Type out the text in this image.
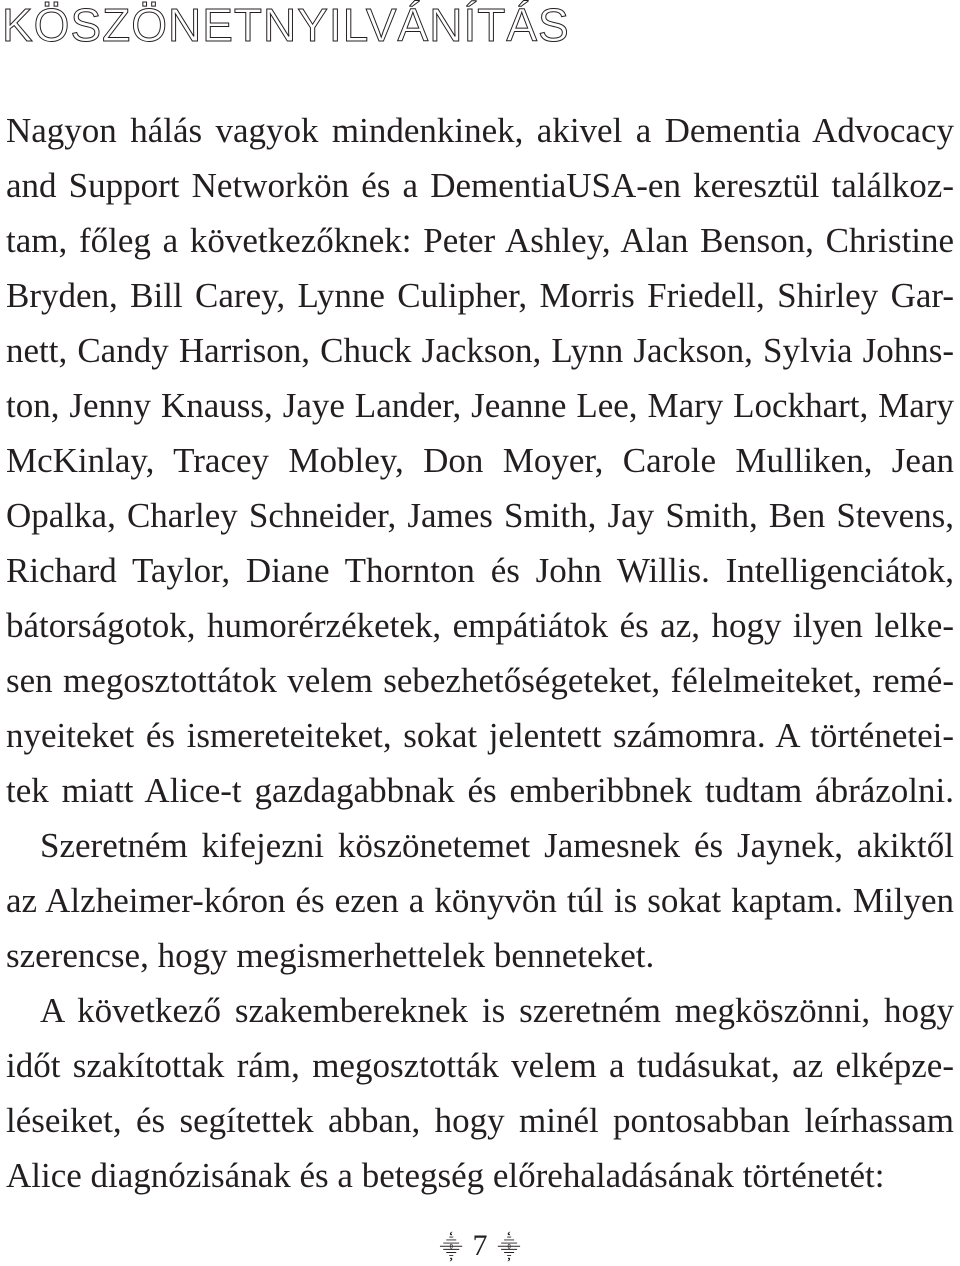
KÖSZÖNETNYILVÁNÍTÁS
Nagyon hálás vagyok mindenkinek, akivel a Dementia Advocacy
and Support Networkön és a DementiaUSA-en keresztül találkoz-
tam, főleg a következőknek: Peter Ashley, Alan Benson, Christine
Bryden, Bill Carey, Lynne Culipher, Morris Friedell, Shirley Gar-
nett, Candy Harrison, Chuck Jackson, Lynn Jackson, Sylvia Johns-
ton, Jenny Knauss, Jaye Lander, Jeanne Lee, Mary Lockhart, Mary
McKinlay, Tracey Mobley, Don Moyer, Carole Mulliken, Jean
Opalka, Charley Schneider, James Smith, Jay Smith, Ben Stevens,
Richard Taylor, Diane Thornton és John Willis. Intelligenciátok,
bátorságotok, humorérzéketek, empátiátok és az, hogy ilyen lelke-
sen megosztottátok velem sebezhetőségeteket, félelmeiteket, remé-
nyeiteket és ismereteiteket, sokat jelentett számomra. A történetei-
tek miatt Alice-t gazdagabbnak és emberibbnek tudtam ábrázolni.
Szeretném kifejezni köszönetemet Jamesnek és Jaynek, akiktől
az Alzheimer-kóron és ezen a könyvön túl is sokat kaptam. Milyen
szerencse, hogy megismerhettelek benneteket.
A következő szakembereknek is szeretném megköszönni, hogy
időt szakítottak rám, megosztották velem a tudásukat, az elképze-
léseiket, és segítettek abban, hogy minél pontosabban leírhassam
Alice diagnózisának és a betegség előrehaladásának történetét:
⸎ 7 ⸎
